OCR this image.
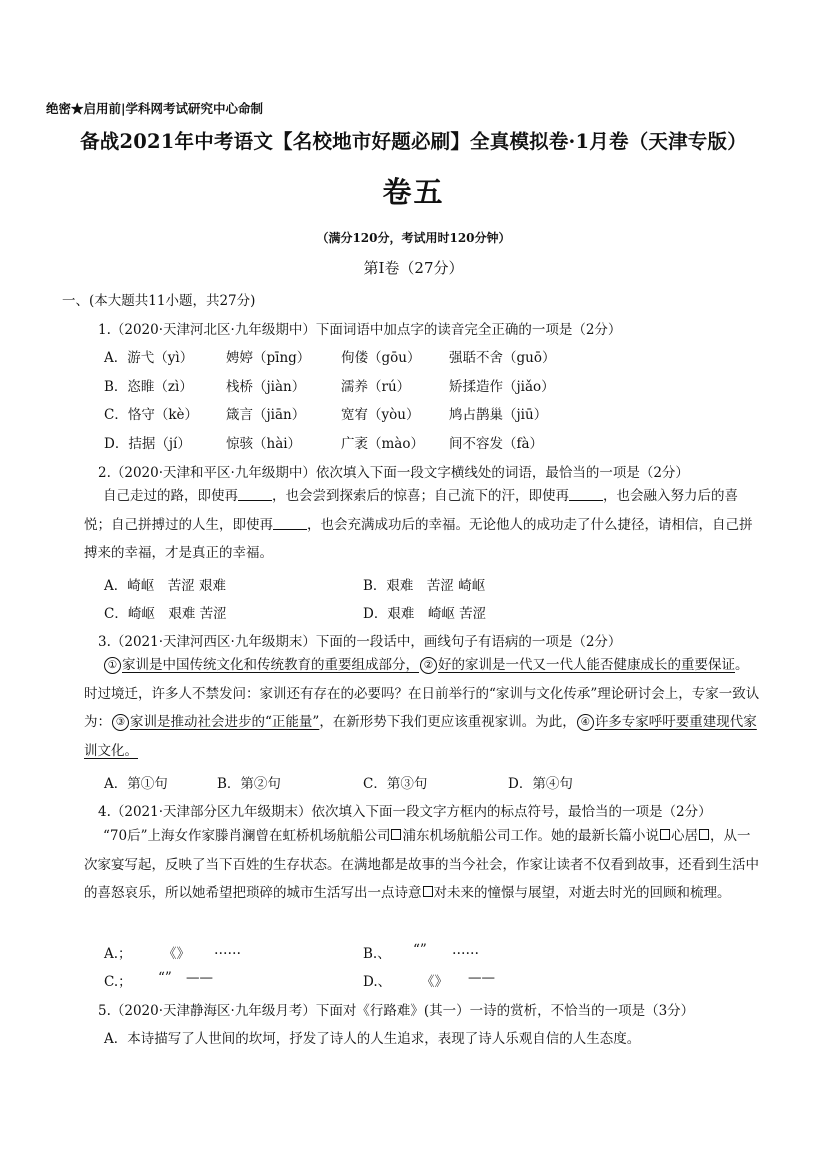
绝密★启用前|学科网考试研究中心命制
备战2021年中考语文【名校地市好题必刷】全真模拟卷·1月卷（天津专版）
卷五
（满分120分，考试用时120分钟）
第Ⅰ卷（27分）
一、(本大题共11小题，共27分)
1.（2020·天津河北区·九年级期中）下面词语中加点字的读音完全正确的一项是（2分）
A．游弋（yì） 娉婷（pīng） 佝偻（gōu） 强聒不舍（guō）
B．恣睢（zì） 栈桥（jiàn）	濡养（rú）	矫揉造作（jiǎo）
C．恪守（kè） 箴言（jiān）	宽宥（yòu） 鸠占鹊巢（jiū）
D．拮据（jí）	惊骇（hài）	广袤（mào） 间不容发（fà）
2.（2020·天津和平区·九年级期中）依次填入下面一段文字横线处的词语，最恰当的一项是（2分）

自己走过的路，即使再	，也会尝到探索后的惊喜；自己流下的汗，即使再	，也会融入努力后的喜悦；自己拼搏过的人生，即使再	，也会充满成功后的幸福。无论他人的成功走了什么捷径，请相信，自己拼搏来的幸福，才是真正的幸福。

A．崎岖　苦涩 艰难	B．艰难　苦涩 崎岖
C．崎岖　艰难 苦涩	D．艰难　崎岖 苦涩
3.（2021·天津河西区·九年级期末）下面的一段话中，画线句子有语病的一项是（2分）

① 家训是中国传统文化和传统教育的重要组成部分， ② 好的家训是一代又一代人能否健康成长的重要保证。时过境迁，许多人不禁发问：家训还有存在的必要吗？在日前举行的“家训与文化传承”理论研讨会上，专家一致认为： ③ 家训是推动社会进步的“正能量”，在新形势下我们更应该重视家训。为此， ④ 许多专家呼吁要重建现代家训文化。

A．第①句	B．第②句	C．第③句	D．第④句
4.（2021·天津部分区九年级期末）依次填入下面一段文字方框内的标点符号，最恰当的一项是（2分）

“70后”上海女作家滕肖澜曾在虹桥机场航船公司 浦东机场航船公司工作。她的最新长篇小说 心居 ，从一次家宴写起，反映了当下百姓的生存状态。在满地都是故事的当今社会，作家让读者不仅看到故事，还看到生活中的喜怒哀乐，所以她希望把琐碎的城市生活写出一点诗意 对未来的憧憬与展望，对逝去时光的回顾和梳理。

A.； 《》 ……	B.、 “” ……
C.； “” ——	D.、 《》 ——
5.（2020·天津静海区·九年级月考）下面对《行路难》(其一）一诗的赏析，不恰当的一项是（3分）
A．本诗描写了人世间的坎坷，抒发了诗人的人生追求，表现了诗人乐观自信的人生态度。
